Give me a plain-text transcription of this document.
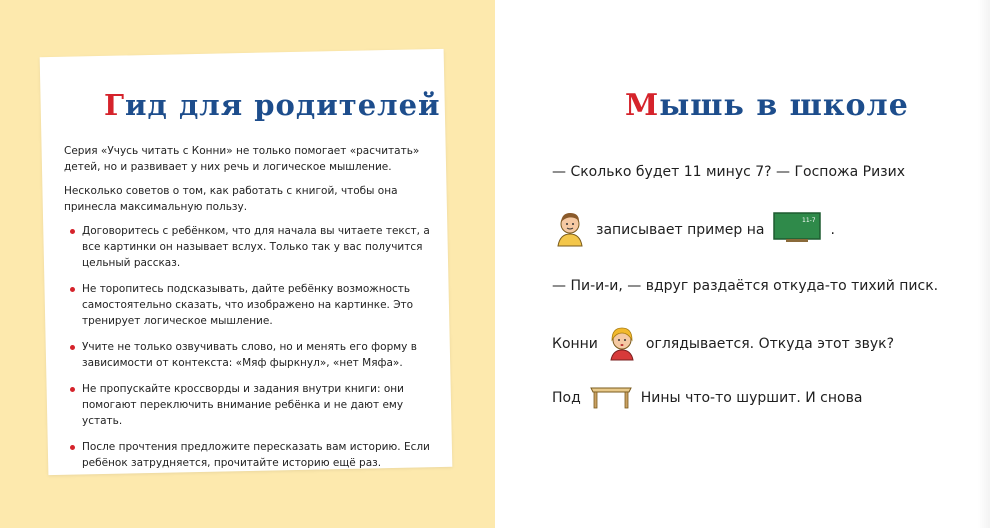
Гид для родителей

Серия «Учусь читать с Конни» не только помогает «расчитать» детей, но и развивает у них речь и логическое мышление.

Несколько советов о том, как работать с книгой, чтобы она принесла максимальную пользу.

Договоритесь с ребёнком, что для начала вы читаете текст, а все картинки он называет вслух. Только так у вас получится цельный рассказ.
Не торопитесь подсказывать, дайте ребёнку возможность самостоятельно сказать, что изображено на картинке. Это тренирует логическое мышление.
Учите не только озвучивать слово, но и менять его форму в зависимости от контекста: «Мяф фыркнул», «нет Мяфа».
Не пропускайте кроссворды и задания внутри книги: они помогают переключить внимание ребёнка и не дают ему устать.
После прочтения предложите пересказать вам историю. Если ребёнок затрудняется, прочитайте историю ещё раз.
Мышь в школе
— Сколько будет 11 минус 7? — Госпожа Ризих
записывает пример на
11-7
.
— Пи-и-и, — вдруг раздаётся откуда-то тихий писк.
Конни	оглядывается. Откуда этот звук?
Под	Нины что-то шуршит. И снова
